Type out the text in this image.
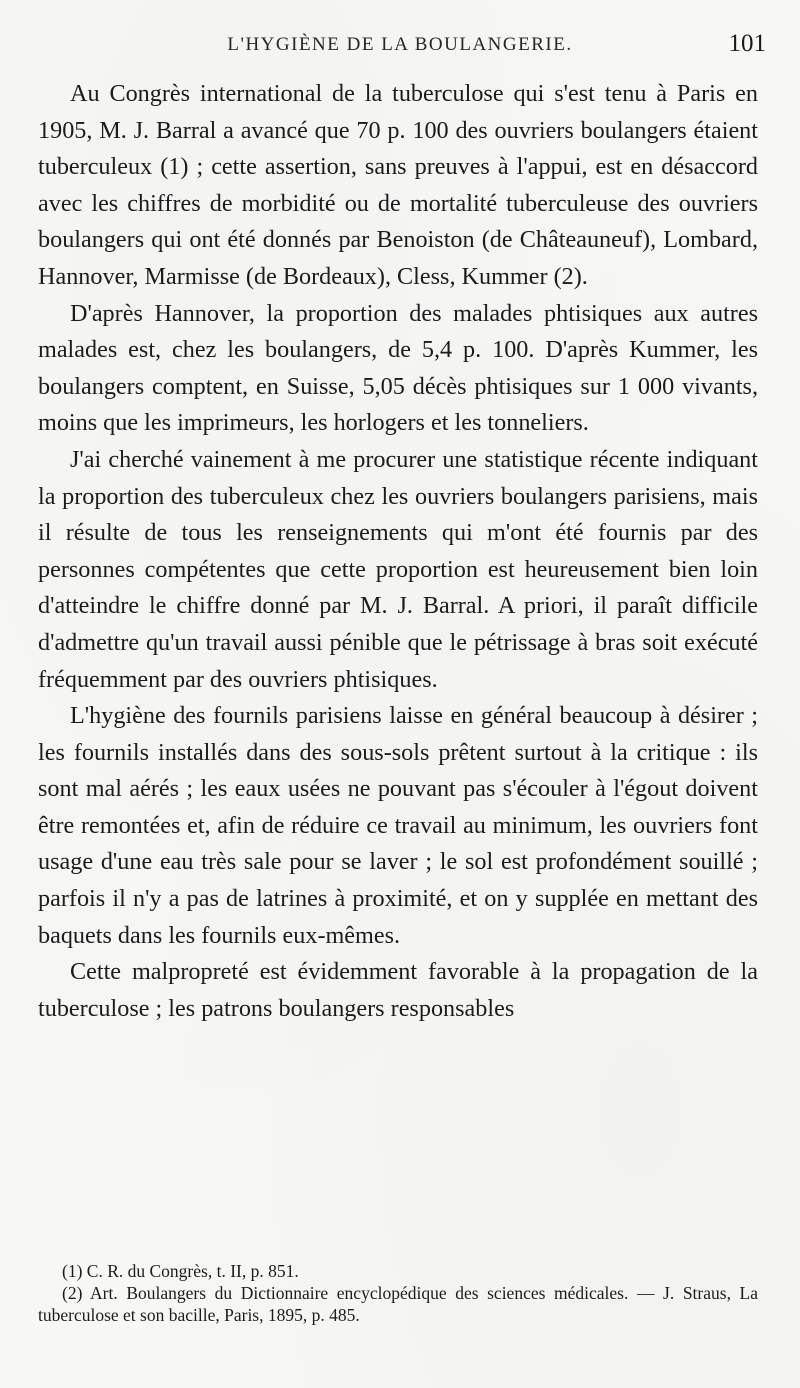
L'HYGIÈNE DE LA BOULANGERIE.	101

Au Congrès international de la tuberculose qui s'est tenu à Paris en 1905, M. J. Barral a avancé que 70 p. 100 des ouvriers boulangers étaient tuberculeux (1) ; cette assertion, sans preuves à l'appui, est en désaccord avec les chiffres de morbidité ou de mortalité tuberculeuse des ouvriers boulangers qui ont été donnés par Benoiston (de Châteauneuf), Lombard, Hannover, Marmisse (de Bordeaux), Cless, Kummer (2).

D'après Hannover, la proportion des malades phtisiques aux autres malades est, chez les boulangers, de 5,4 p. 100. D'après Kummer, les boulangers comptent, en Suisse, 5,05 décès phtisiques sur 1 000 vivants, moins que les imprimeurs, les horlogers et les tonneliers.

J'ai cherché vainement à me procurer une statistique récente indiquant la proportion des tuberculeux chez les ouvriers boulangers parisiens, mais il résulte de tous les renseignements qui m'ont été fournis par des personnes compétentes que cette proportion est heureusement bien loin d'atteindre le chiffre donné par M. J. Barral. A priori, il paraît difficile d'admettre qu'un travail aussi pénible que le pétrissage à bras soit exécuté fréquemment par des ouvriers phtisiques.

L'hygiène des fournils parisiens laisse en général beaucoup à désirer ; les fournils installés dans des sous-sols prêtent surtout à la critique : ils sont mal aérés ; les eaux usées ne pouvant pas s'écouler à l'égout doivent être remontées et, afin de réduire ce travail au minimum, les ouvriers font usage d'une eau très sale pour se laver ; le sol est profondément souillé ; parfois il n'y a pas de latrines à proximité, et on y supplée en mettant des baquets dans les fournils eux-mêmes.

Cette malpropreté est évidemment favorable à la propagation de la tuberculose ; les patrons boulangers responsables

(1) C. R. du Congrès, t. II, p. 851.

(2) Art. Boulangers du Dictionnaire encyclopédique des sciences médicales. — J. Straus, La tuberculose et son bacille, Paris, 1895, p. 485.
